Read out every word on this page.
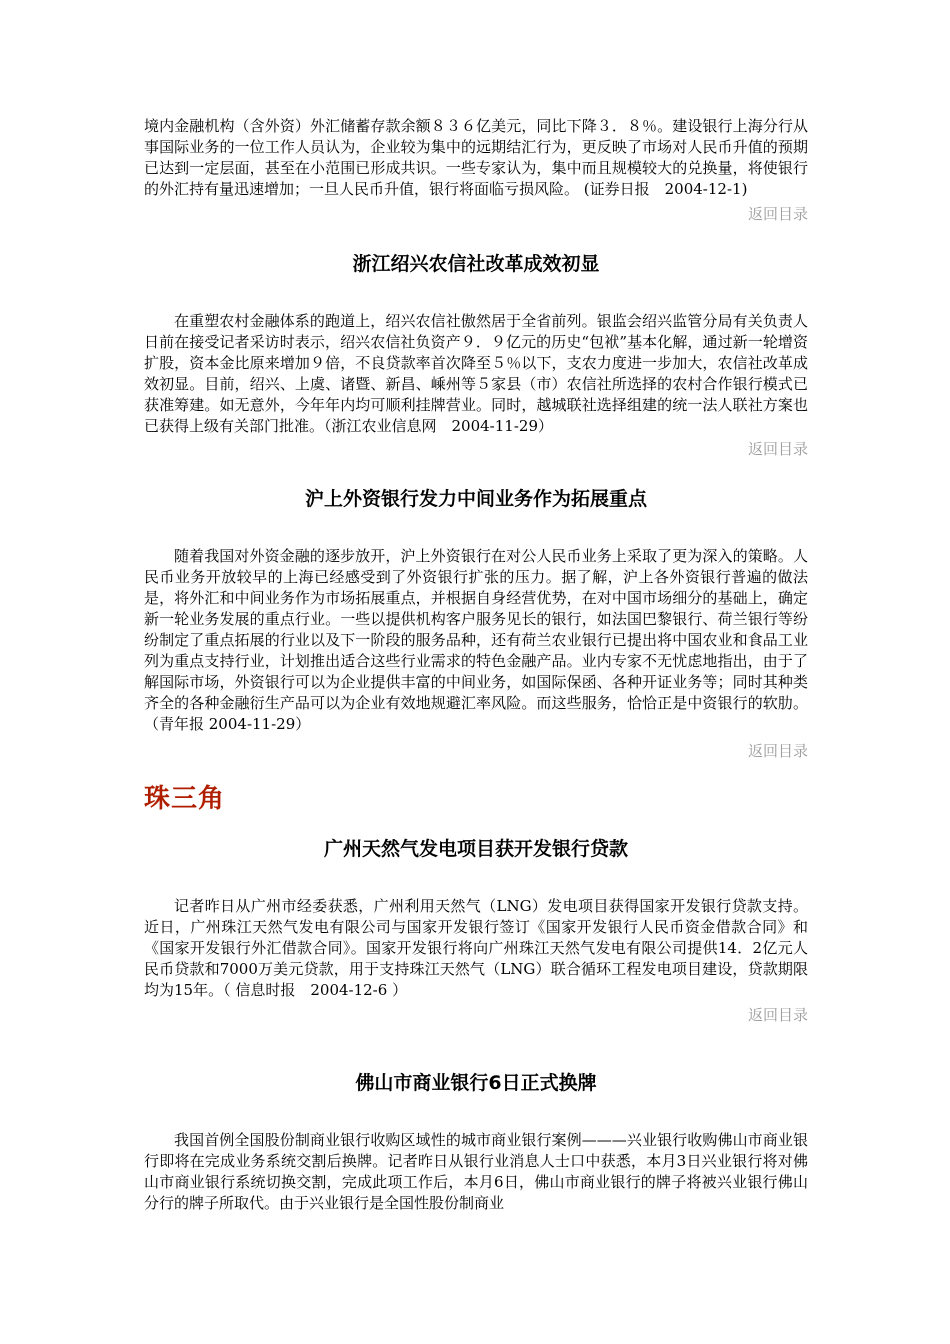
境内金融机构（含外资）外汇储蓄存款余额８３６亿美元，同比下降３．８％。建设银行上海分行从事国际业务的一位工作人员认为，企业较为集中的远期结汇行为，更反映了市场对人民币升值的预期已达到一定层面，甚至在小范围已形成共识。一些专家认为，集中而且规模较大的兑换量，将使银行的外汇持有量迅速增加；一旦人民币升值，银行将面临亏损风险。 (证券日报　2004-12-1)

返回目录

浙江绍兴农信社改革成效初显

在重塑农村金融体系的跑道上，绍兴农信社傲然居于全省前列。银监会绍兴监管分局有关负责人日前在接受记者采访时表示，绍兴农信社负资产９．９亿元的历史“包袱”基本化解，通过新一轮增资扩股，资本金比原来增加９倍，不良贷款率首次降至５％以下，支农力度进一步加大，农信社改革成效初显。目前，绍兴、上虞、诸暨、新昌、嵊州等５家县（市）农信社所选择的农村合作银行模式已获准筹建。如无意外，今年年内均可顺利挂牌营业。同时，越城联社选择组建的统一法人联社方案也已获得上级有关部门批准。（浙江农业信息网　2004-11-29）

返回目录

沪上外资银行发力中间业务作为拓展重点

随着我国对外资金融的逐步放开，沪上外资银行在对公人民币业务上采取了更为深入的策略。人民币业务开放较早的上海已经感受到了外资银行扩张的压力。据了解，沪上各外资银行普遍的做法是，将外汇和中间业务作为市场拓展重点，并根据自身经营优势，在对中国市场细分的基础上，确定新一轮业务发展的重点行业。一些以提供机构客户服务见长的银行，如法国巴黎银行、荷兰银行等纷纷制定了重点拓展的行业以及下一阶段的服务品种，还有荷兰农业银行已提出将中国农业和食品工业列为重点支持行业，计划推出适合这些行业需求的特色金融产品。业内专家不无忧虑地指出，由于了解国际市场，外资银行可以为企业提供丰富的中间业务，如国际保函、各种开证业务等；同时其种类齐全的各种金融衍生产品可以为企业有效地规避汇率风险。而这些服务，恰恰正是中资银行的软肋。（青年报 2004-11-29）

返回目录

珠三角
广州天然气发电项目获开发银行贷款

记者昨日从广州市经委获悉，广州利用天然气（LNG）发电项目获得国家开发银行贷款支持。近日，广州珠江天然气发电有限公司与国家开发银行签订《国家开发银行人民币资金借款合同》和《国家开发银行外汇借款合同》。国家开发银行将向广州珠江天然气发电有限公司提供14．2亿元人民币贷款和7000万美元贷款，用于支持珠江天然气（LNG）联合循环工程发电项目建设，贷款期限均为15年。（ 信息时报　2004-12-6 ）

返回目录

佛山市商业银行6日正式换牌

我国首例全国股份制商业银行收购区域性的城市商业银行案例———兴业银行收购佛山市商业银行即将在完成业务系统交割后换牌。记者昨日从银行业消息人士口中获悉，本月3日兴业银行将对佛山市商业银行系统切换交割，完成此项工作后，本月6日，佛山市商业银行的牌子将被兴业银行佛山分行的牌子所取代。由于兴业银行是全国性股份制商业
